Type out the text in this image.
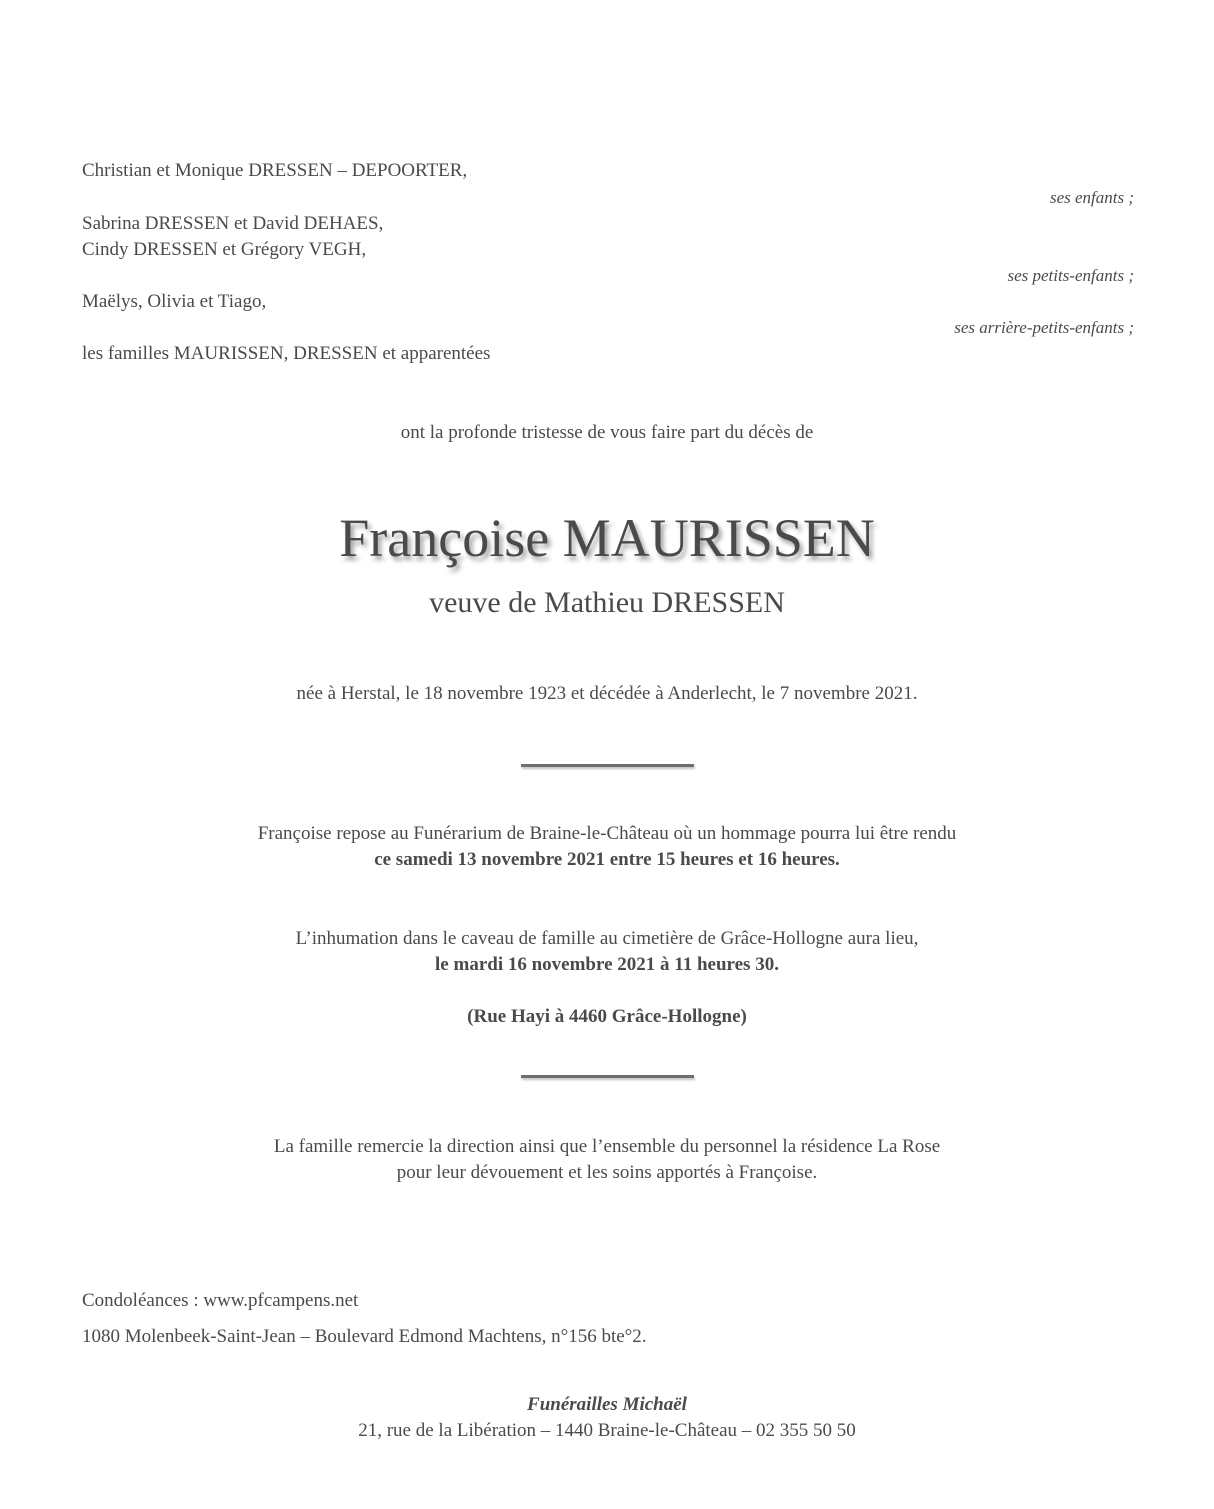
Christian et Monique DRESSEN – DEPOORTER,
ses enfants ;
Sabrina DRESSEN et David DEHAES,
Cindy DRESSEN et Grégory VEGH,
ses petits-enfants ;
Maëlys, Olivia et Tiago,
ses arrière-petits-enfants ;
les familles MAURISSEN, DRESSEN et apparentées
ont la profonde tristesse de vous faire part du décès de
Françoise MAURISSEN
veuve de Mathieu DRESSEN
née à Herstal, le 18 novembre 1923 et décédée à Anderlecht, le 7 novembre 2021.
Françoise repose au Funérarium de Braine-le-Château où un hommage pourra lui être rendu
ce samedi 13 novembre 2021 entre 15 heures et 16 heures.
L’inhumation dans le caveau de famille au cimetière de Grâce-Hollogne aura lieu,
le mardi 16 novembre 2021 à 11 heures 30.
(Rue Hayi à 4460 Grâce-Hollogne)
La famille remercie la direction ainsi que l’ensemble du personnel la résidence La Rose
pour leur dévouement et les soins apportés à Françoise.
Condoléances : www.pfcampens.net
1080 Molenbeek-Saint-Jean – Boulevard Edmond Machtens, n°156 bte°2.
Funérailles Michaël
21, rue de la Libération – 1440 Braine-le-Château – 02 355 50 50
